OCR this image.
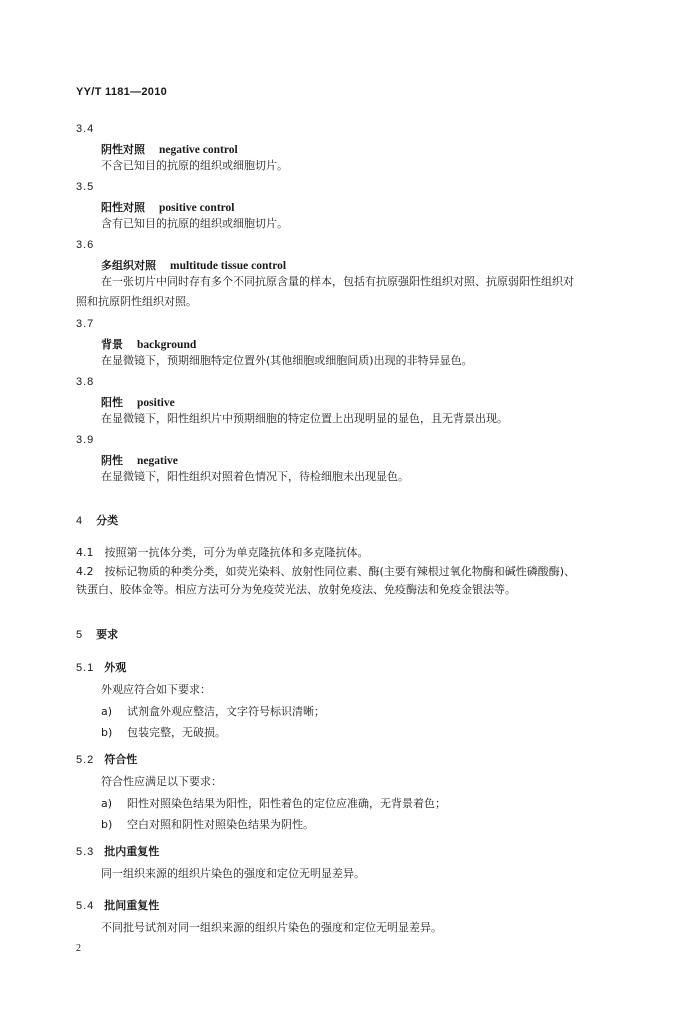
YY/T 1181—2010
3.4
阴性对照 negative control
不含已知目的抗原的组织或细胞切片。
3.5
阳性对照 positive control
含有已知目的抗原的组织或细胞切片。
3.6
多组织对照 multitude tissue control
在一张切片中同时存有多个不同抗原含量的样本，包括有抗原强阳性组织对照、抗原弱阳性组织对
照和抗原阴性组织对照。
3.7
背景 background
在显微镜下，预期细胞特定位置外(其他细胞或细胞间质)出现的非特异显色。
3.8
阳性 positive
在显微镜下，阳性组织片中预期细胞的特定位置上出现明显的显色，且无背景出现。
3.9
阴性 negative
在显微镜下，阳性组织对照着色情况下，待检细胞未出现显色。
4 分类
4.1　按照第一抗体分类，可分为单克隆抗体和多克隆抗体。
4.2　按标记物质的种类分类，如荧光染料、放射性同位素、酶(主要有辣根过氧化物酶和碱性磷酸酶)、
铁蛋白、胶体金等。相应方法可分为免疫荧光法、放射免疫法、免疫酶法和免疫金银法等。
5 要求
5.1 外观
外观应符合如下要求：
a) 试剂盒外观应整洁，文字符号标识清晰；
b) 包装完整，无破损。
5.2 符合性
符合性应满足以下要求：
a) 阳性对照染色结果为阳性，阳性着色的定位应准确，无背景着色；
b) 空白对照和阴性对照染色结果为阴性。
5.3 批内重复性
同一组织来源的组织片染色的强度和定位无明显差异。
5.4 批间重复性
不同批号试剂对同一组织来源的组织片染色的强度和定位无明显差异。
2
